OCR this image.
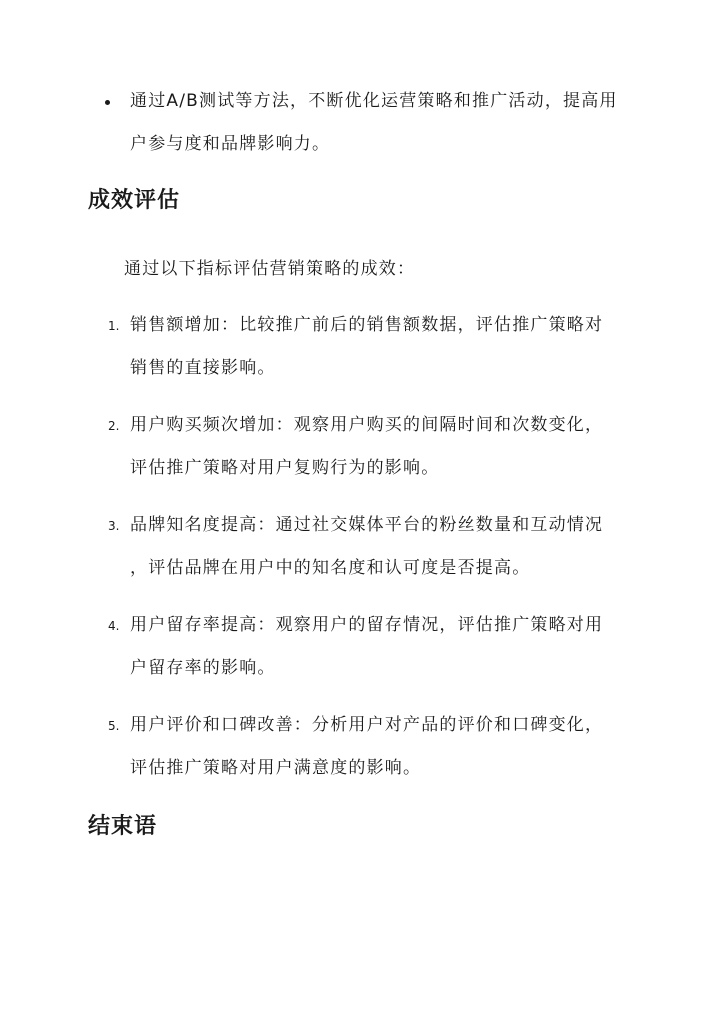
通过A/B测试等方法，不断优化运营策略和推广活动，提高用
户参与度和品牌影响力。
成效评估
通过以下指标评估营销策略的成效：
1. 销售额增加：比较推广前后的销售额数据，评估推广策略对
销售的直接影响。
2. 用户购买频次增加：观察用户购买的间隔时间和次数变化，
评估推广策略对用户复购行为的影响。
3. 品牌知名度提高：通过社交媒体平台的粉丝数量和互动情况
，评估品牌在用户中的知名度和认可度是否提高。
4. 用户留存率提高：观察用户的留存情况，评估推广策略对用
户留存率的影响。
5. 用户评价和口碑改善：分析用户对产品的评价和口碑变化，
评估推广策略对用户满意度的影响。
结束语
